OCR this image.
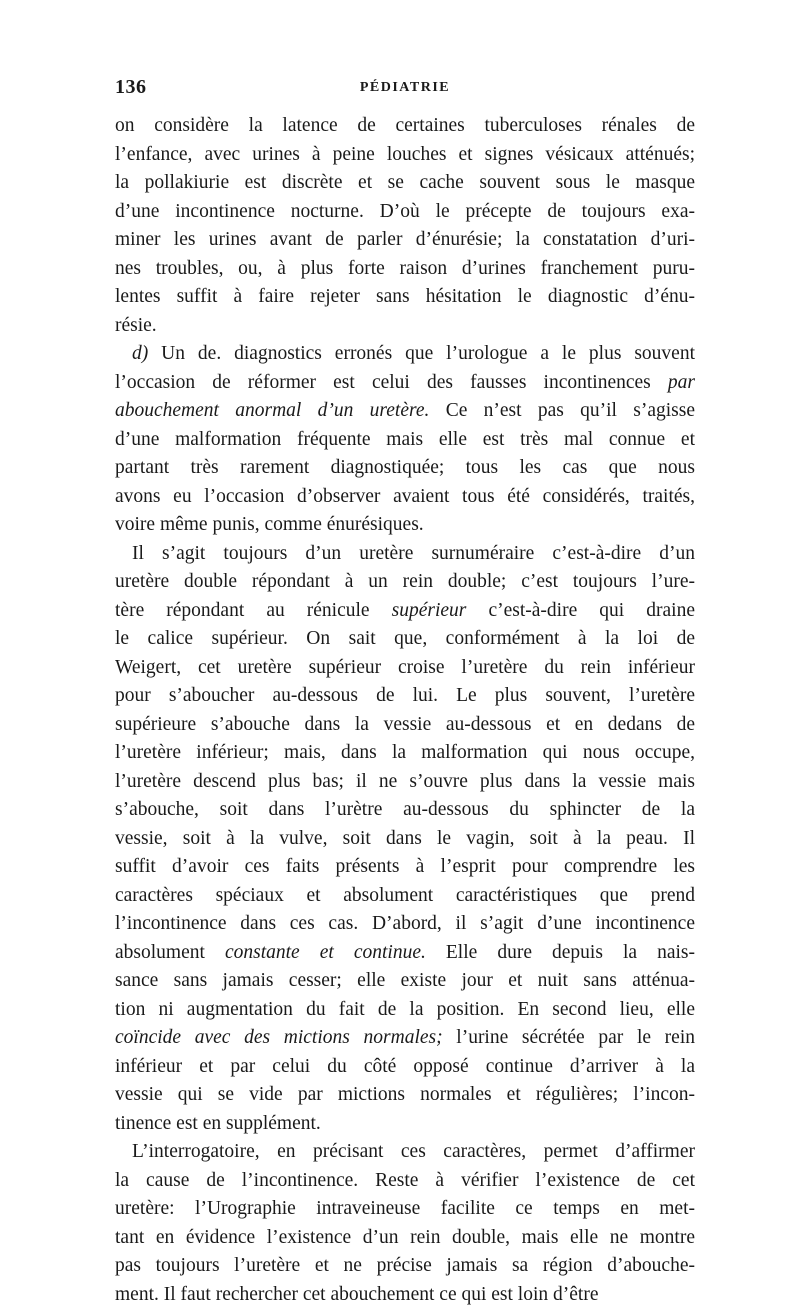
136	PÉDIATRIE
on considère la latence de certaines tuberculoses rénales de
l’enfance, avec urines à peine louches et signes vésicaux atténués;
la pollakiurie est discrète et se cache souvent sous le masque
d’une incontinence nocturne. D’où le précepte de toujours exa-
miner les urines avant de parler d’énurésie; la constatation d’uri-
nes troubles, ou, à plus forte raison d’urines franchement puru-
lentes suffit à faire rejeter sans hésitation le diagnostic d’énu-
résie.
d) Un de. diagnostics erronés que l’urologue a le plus souvent
l’occasion de réformer est celui des fausses incontinences par
abouchement anormal d’un uretère. Ce n’est pas qu’il s’agisse
d’une malformation fréquente mais elle est très mal connue et
partant très rarement diagnostiquée; tous les cas que nous
avons eu l’occasion d’observer avaient tous été considérés, traités,
voire même punis, comme énurésiques.
Il s’agit toujours d’un uretère surnuméraire c’est-à-dire d’un
uretère double répondant à un rein double; c’est toujours l’ure-
tère répondant au rénicule supérieur c’est-à-dire qui draine
le calice supérieur. On sait que, conformément à la loi de
Weigert, cet uretère supérieur croise l’uretère du rein inférieur
pour s’aboucher au-dessous de lui. Le plus souvent, l’uretère
supérieure s’abouche dans la vessie au-dessous et en dedans de
l’uretère inférieur; mais, dans la malformation qui nous occupe,
l’uretère descend plus bas; il ne s’ouvre plus dans la vessie mais
s’abouche, soit dans l’urètre au-dessous du sphincter de la
vessie, soit à la vulve, soit dans le vagin, soit à la peau. Il
suffit d’avoir ces faits présents à l’esprit pour comprendre les
caractères spéciaux et absolument caractéristiques que prend
l’incontinence dans ces cas. D’abord, il s’agit d’une incontinence
absolument constante et continue. Elle dure depuis la nais-
sance sans jamais cesser; elle existe jour et nuit sans atténua-
tion ni augmentation du fait de la position. En second lieu, elle
coïncide avec des mictions normales; l’urine sécrétée par le rein
inférieur et par celui du côté opposé continue d’arriver à la
vessie qui se vide par mictions normales et régulières; l’incon-
tinence est en supplément.
L’interrogatoire, en précisant ces caractères, permet d’affirmer
la cause de l’incontinence. Reste à vérifier l’existence de cet
uretère: l’Urographie intraveineuse facilite ce temps en met-
tant en évidence l’existence d’un rein double, mais elle ne montre
pas toujours l’uretère et ne précise jamais sa région d’abouche-
ment. Il faut rechercher cet abouchement ce qui est loin d’être
